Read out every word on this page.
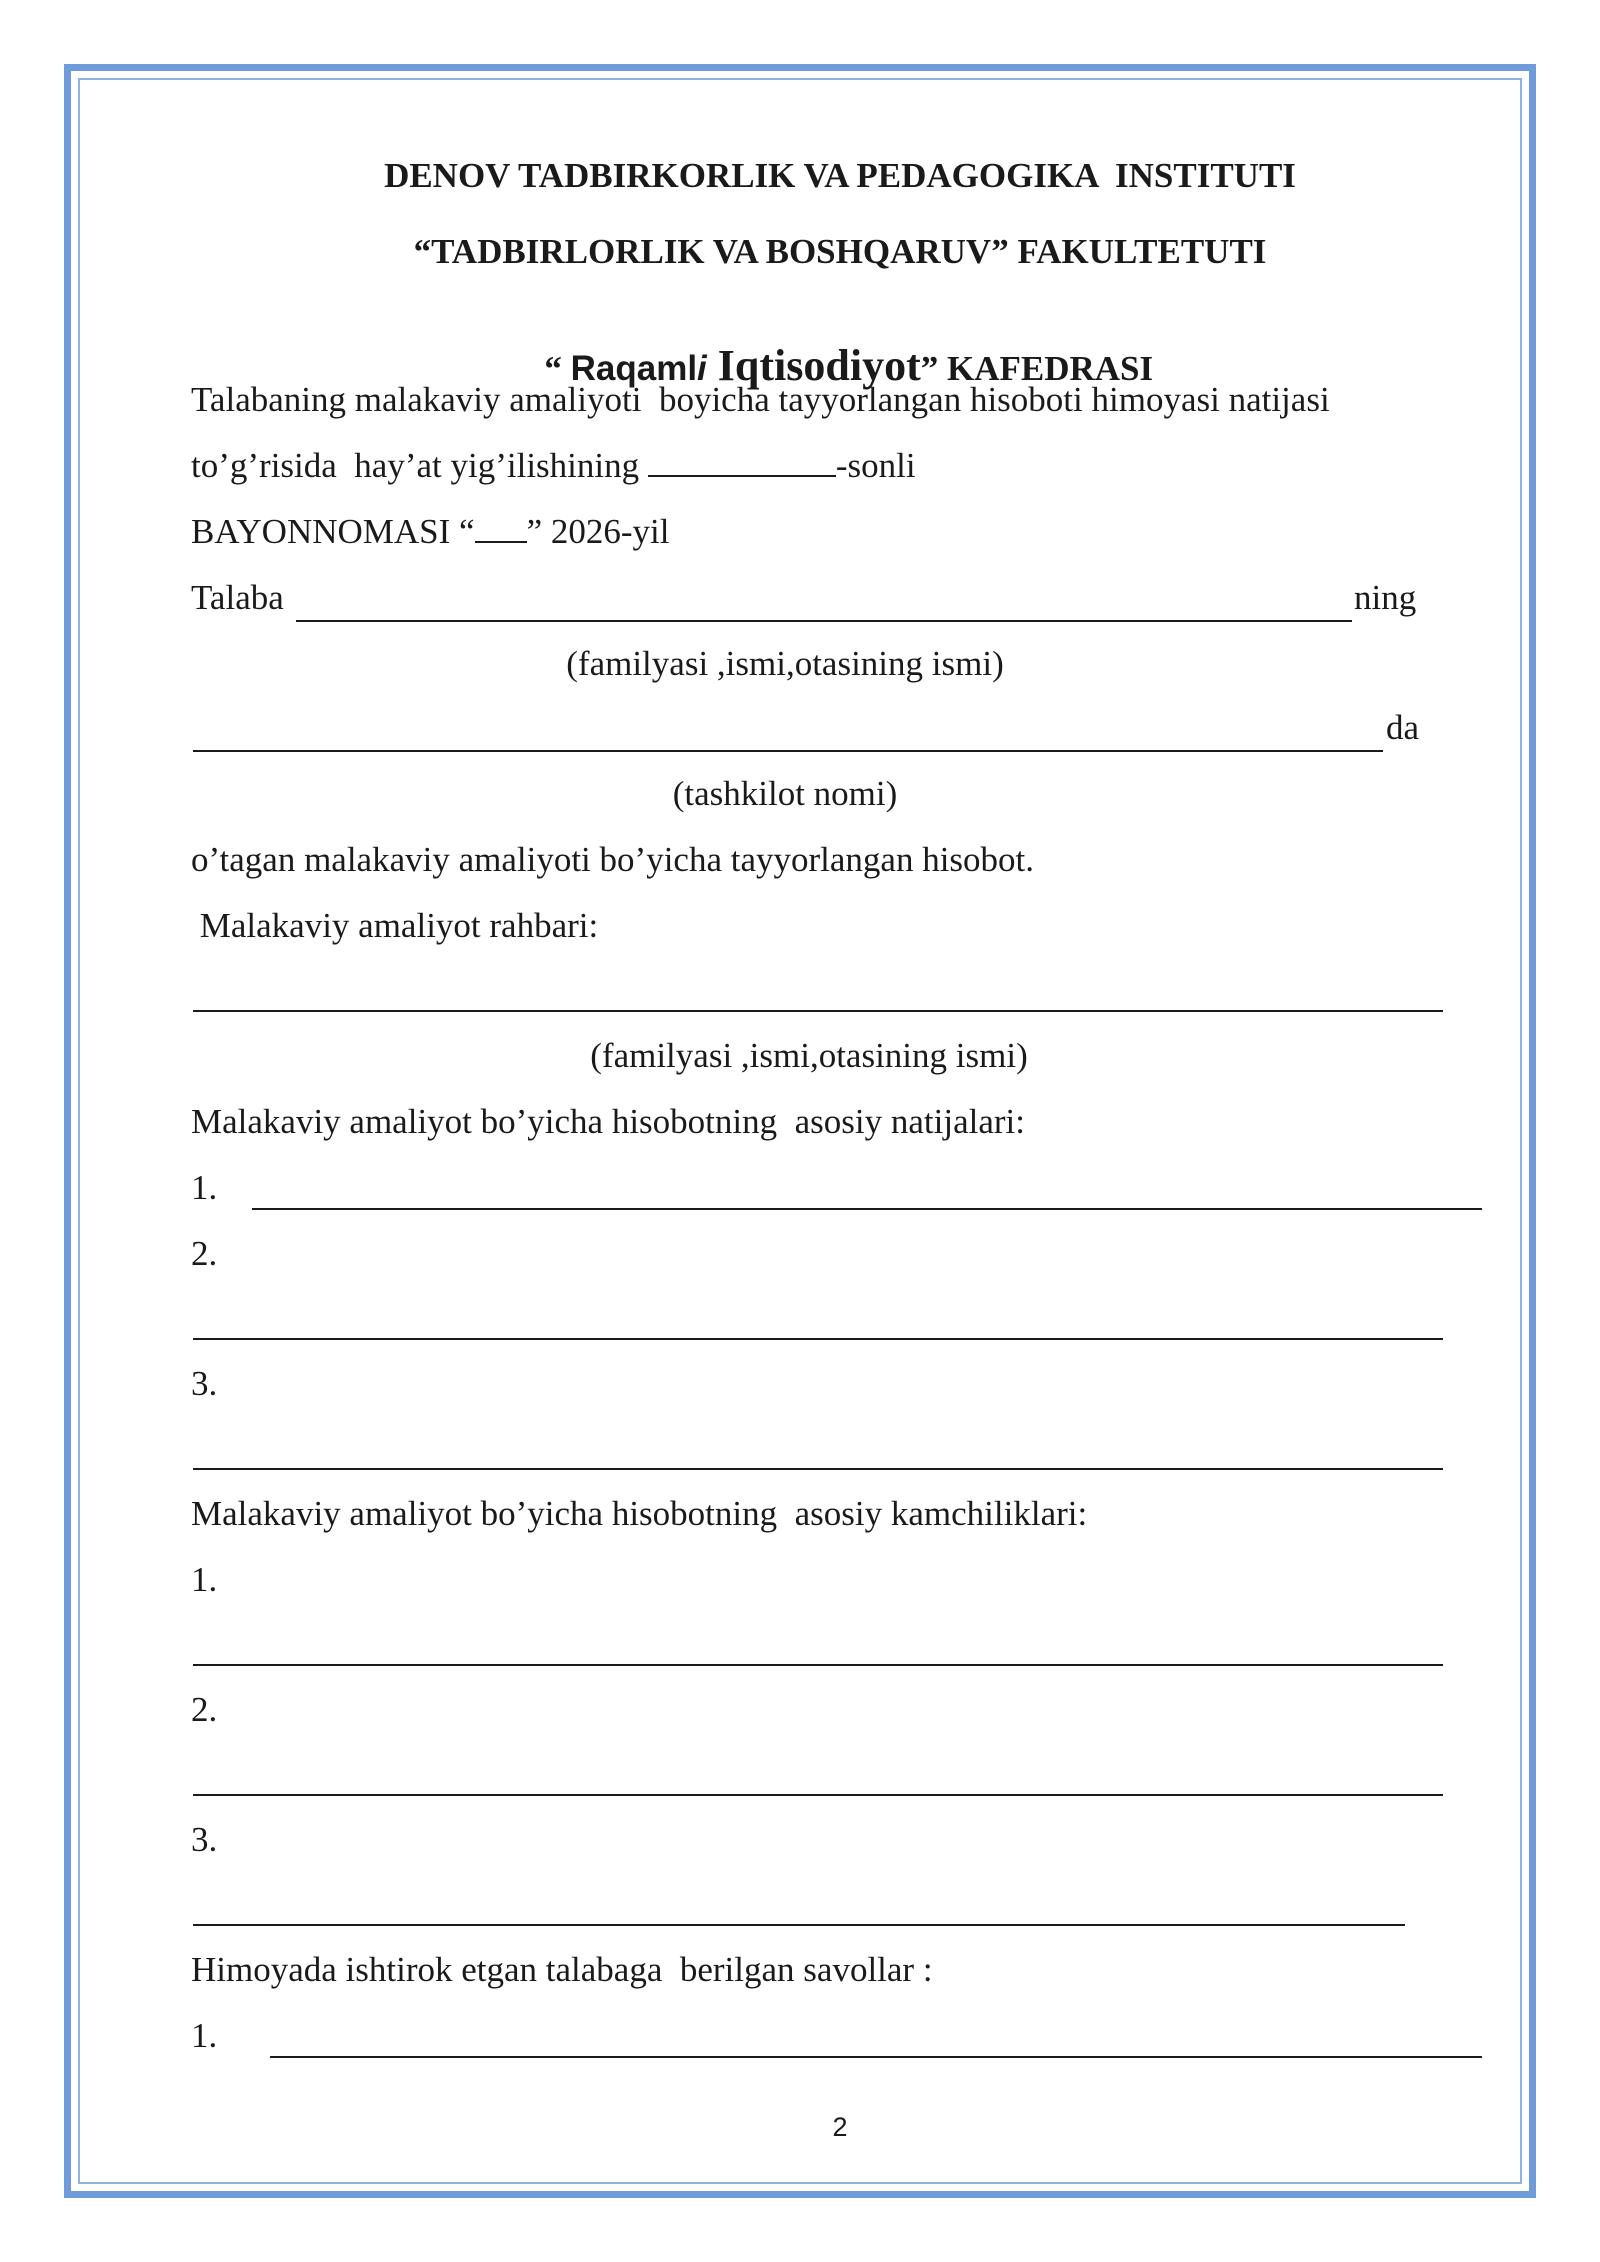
DENOV TADBIRKORLIK VA PEDAGOGIKA  INSTITUTI
“TADBIRLORLIK VA BOSHQARUV” FAKULTETUTI

“ Raqamli Iqtisodiyot” KAFEDRASI

Talabaning malakaviy amaliyoti  boyicha tayyorlangan hisoboti himoyasi natijasi
to’g’risida  hay’at yig’ilishining	-sonli
BAYONNOMASI “ ” 2026-yil
Talaba	ning
(familyasi ,ismi,otasining ismi)
da
(tashkilot nomi)
o’tagan malakaviy amaliyoti bo’yicha tayyorlangan hisobot.
Malakaviy amaliyot rahbari:
(familyasi ,ismi,otasining ismi)
Malakaviy amaliyot bo’yicha hisobotning  asosiy natijalari:
1.
2.
3.
Malakaviy amaliyot bo’yicha hisobotning  asosiy kamchiliklari:
1.
2.
3.
Himoyada ishtirok etgan talabaga  berilgan savollar :
1.
2
